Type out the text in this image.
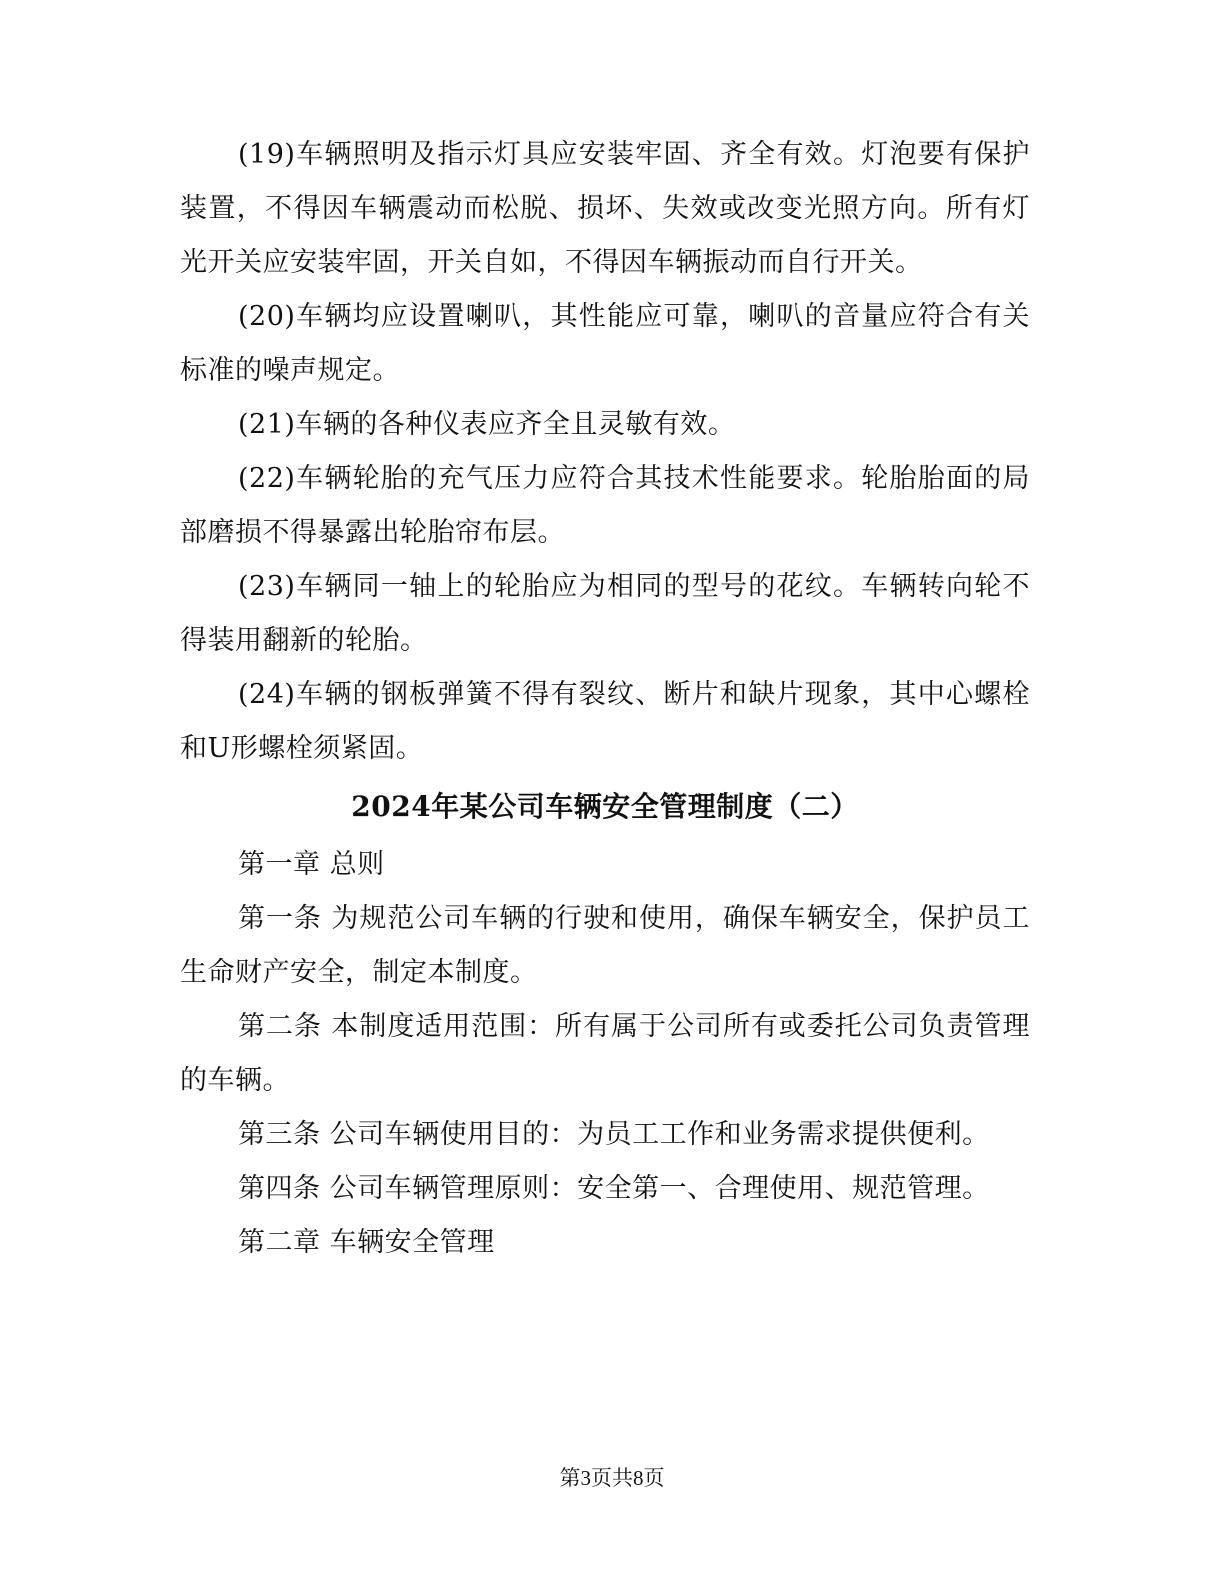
(19)车辆照明及指示灯具应安装牢固、齐全有效。灯泡要有保护装置，不得因车辆震动而松脱、损坏、失效或改变光照方向。所有灯光开关应安装牢固，开关自如，不得因车辆振动而自行开关。

(20)车辆均应设置喇叭，其性能应可靠，喇叭的音量应符合有关标准的噪声规定。

(21)车辆的各种仪表应齐全且灵敏有效。

(22)车辆轮胎的充气压力应符合其技术性能要求。轮胎胎面的局部磨损不得暴露出轮胎帘布层。

(23)车辆同一轴上的轮胎应为相同的型号的花纹。车辆转向轮不得装用翻新的轮胎。

(24)车辆的钢板弹簧不得有裂纹、断片和缺片现象，其中心螺栓和U形螺栓须紧固。

2024年某公司车辆安全管理制度（二）

第一章 总则

第一条 为规范公司车辆的行驶和使用，确保车辆安全，保护员工生命财产安全，制定本制度。

第二条 本制度适用范围：所有属于公司所有或委托公司负责管理的车辆。

第三条 公司车辆使用目的：为员工工作和业务需求提供便利。

第四条 公司车辆管理原则：安全第一、合理使用、规范管理。

第二章 车辆安全管理

第3页共8页
